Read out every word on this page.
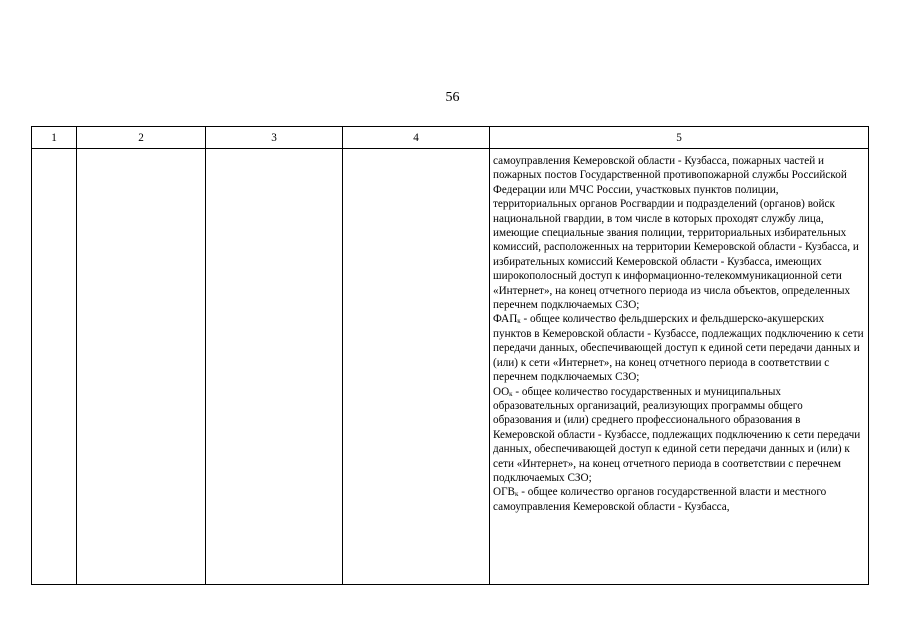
56
1	2	3	4	5

				самоуправления Кемеровской области - Кузбасса, пожарных частей и пожарных постов Государственной противопожарной службы Российской Федерации или МЧС России, участковых пунктов полиции, территориальных органов Росгвардии и подразделений (органов) войск национальной гвардии, в том числе в которых проходят службу лица, имеющие специальные звания полиции, территориальных избирательных комиссий, расположенных на территории Кемеровской области - Кузбасса, и избирательных комиссий Кемеровской области - Кузбасса, имеющих широкополосный доступ к информационно-телекоммуникационной сети «Интернет», на конец отчетного периода из числа объектов, определенных перечнем подключаемых СЗО;

$ФАП_к$ - общее количество фельдшерских и фельдшерско-акушерских пунктов в Кемеровской области - Кузбассе, подлежащих подключению к сети передачи данных, обеспечивающей доступ к единой сети передачи данных и (или) к сети «Интернет», на конец отчетного периода в соответствии с перечнем подключаемых СЗО;

$ОО_к$ - общее количество государственных и муниципальных образовательных организаций, реализующих программы общего образования и (или) среднего профессионального образования в Кемеровской области - Кузбассе, подлежащих подключению к сети передачи данных, обеспечивающей доступ к единой сети передачи данных и (или) к сети «Интернет», на конец отчетного периода в соответствии с перечнем подключаемых СЗО;

$ОГВ_к$ - общее количество органов государственной власти и местного самоуправления Кемеровской области - Кузбасса,
